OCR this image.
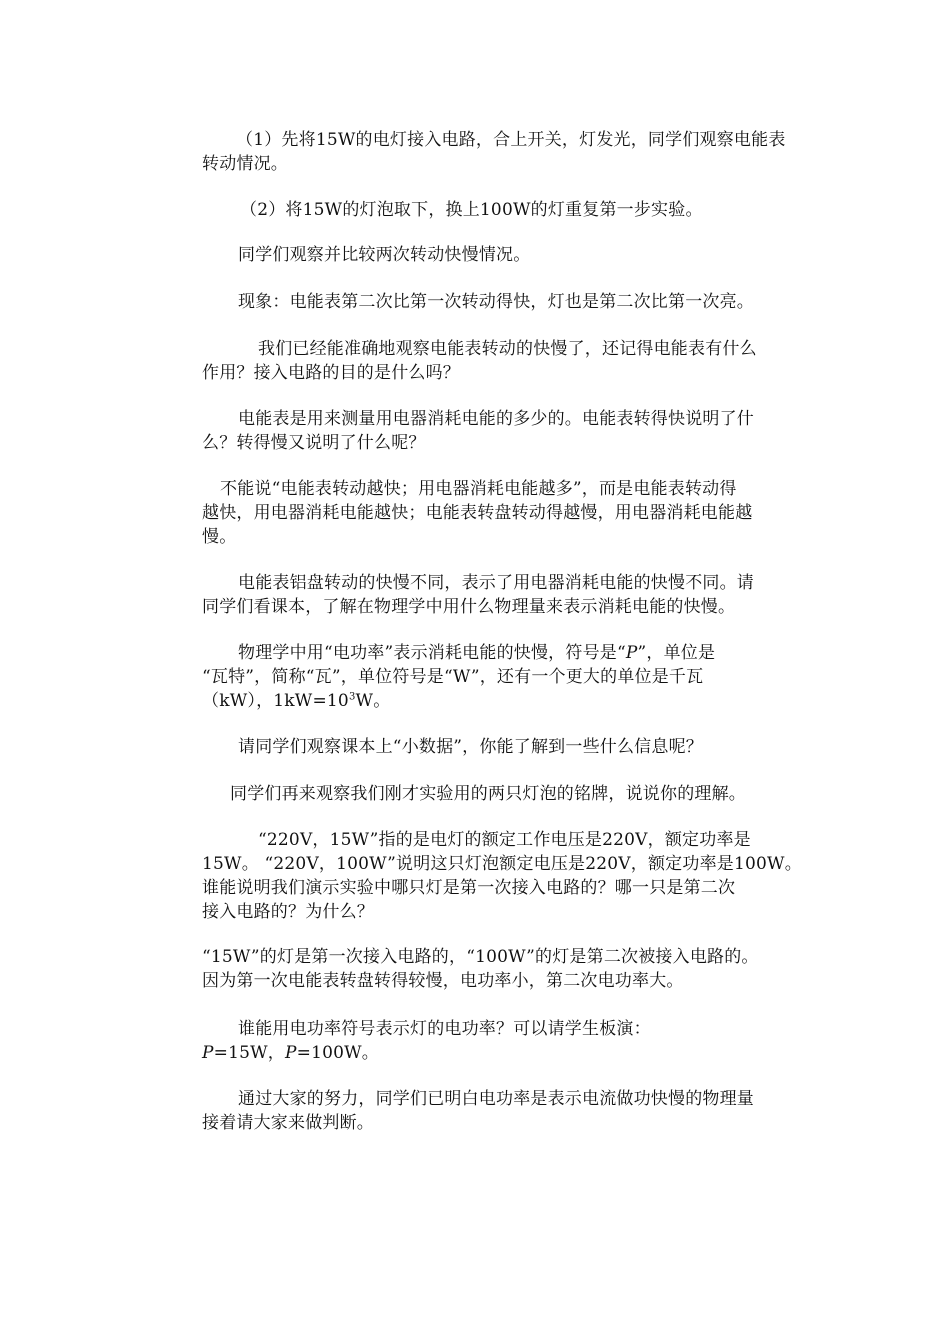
（1）先将15W的电灯接入电路，合上开关，灯发光，同学们观察电能表
转动情况。

（2）将15W的灯泡取下，换上100W的灯重复第一步实验。

同学们观察并比较两次转动快慢情况。

现象：电能表第二次比第一次转动得快，灯也是第二次比第一次亮。

我们已经能准确地观察电能表转动的快慢了，还记得电能表有什么
作用？接入电路的目的是什么吗？

电能表是用来测量用电器消耗电能的多少的。电能表转得快说明了什
么？转得慢又说明了什么呢？

不能说“电能表转动越快；用电器消耗电能越多”，而是电能表转动得
越快，用电器消耗电能越快；电能表转盘转动得越慢，用电器消耗电能越
慢。

电能表铝盘转动的快慢不同，表示了用电器消耗电能的快慢不同。请
同学们看课本，了解在物理学中用什么物理量来表示消耗电能的快慢。

物理学中用“电功率”表示消耗电能的快慢，符号是“P”，单位是
“瓦特”，简称“瓦”，单位符号是“W”，还有一个更大的单位是千瓦
（kW），$1kW=10^3W$。

请同学们观察课本上“小数据”，你能了解到一些什么信息呢？

同学们再来观察我们刚才实验用的两只灯泡的铭牌，说说你的理解。

“220V，15W”指的是电灯的额定工作电压是220V，额定功率是
15W。 “220V，100W”说明这只灯泡额定电压是220V，额定功率是100W。
谁能说明我们演示实验中哪只灯是第一次接入电路的？哪一只是第二次
接入电路的？为什么？

“15W”的灯是第一次接入电路的，“100W”的灯是第二次被接入电路的。
因为第一次电能表转盘转得较慢，电功率小，第二次电功率大。

谁能用电功率符号表示灯的电功率？可以请学生板演：
P=15W，P=100W。

通过大家的努力，同学们已明白电功率是表示电流做功快慢的物理量
接着请大家来做判断。
